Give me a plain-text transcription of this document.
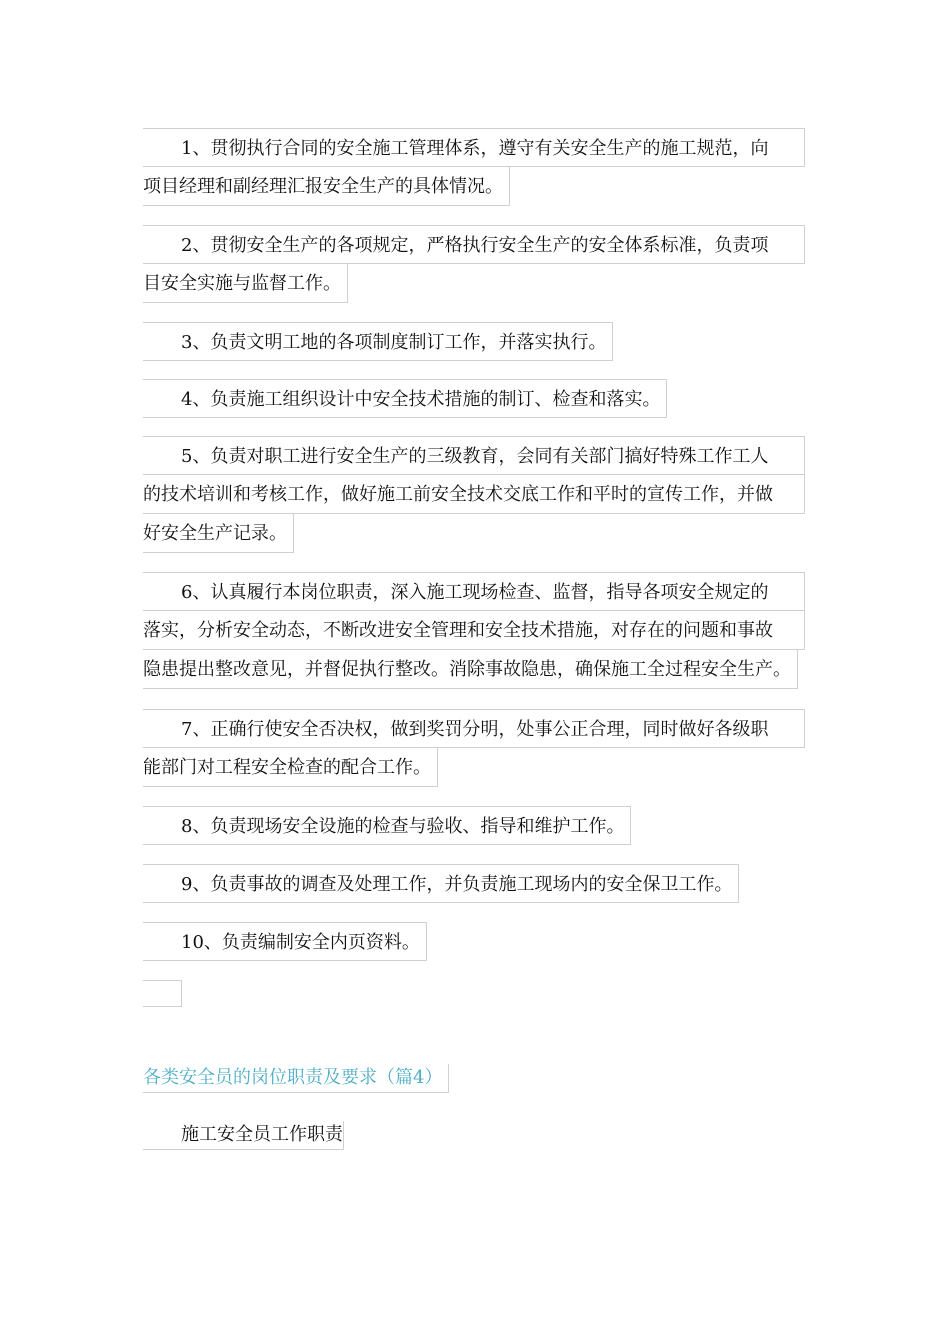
1、贯彻执行合同的安全施工管理体系，遵守有关安全生产的施工规范，向
项目经理和副经理汇报安全生产的具体情况。
2、贯彻安全生产的各项规定，严格执行安全生产的安全体系标准，负责项
目安全实施与监督工作。
3、负责文明工地的各项制度制订工作，并落实执行。
4、负责施工组织设计中安全技术措施的制订、检查和落实。
5、负责对职工进行安全生产的三级教育，会同有关部门搞好特殊工作工人
的技术培训和考核工作，做好施工前安全技术交底工作和平时的宣传工作，并做
好安全生产记录。
6、认真履行本岗位职责，深入施工现场检查、监督，指导各项安全规定的
落实，分析安全动态，不断改进安全管理和安全技术措施，对存在的问题和事故
隐患提出整改意见，并督促执行整改。消除事故隐患，确保施工全过程安全生产。
7、正确行使安全否决权，做到奖罚分明，处事公正合理，同时做好各级职
能部门对工程安全检查的配合工作。
8、负责现场安全设施的检查与验收、指导和维护工作。
9、负责事故的调查及处理工作，并负责施工现场内的安全保卫工作。
10、负责编制安全内页资料。
各类安全员的岗位职责及要求（篇4）
施工安全员工作职责
